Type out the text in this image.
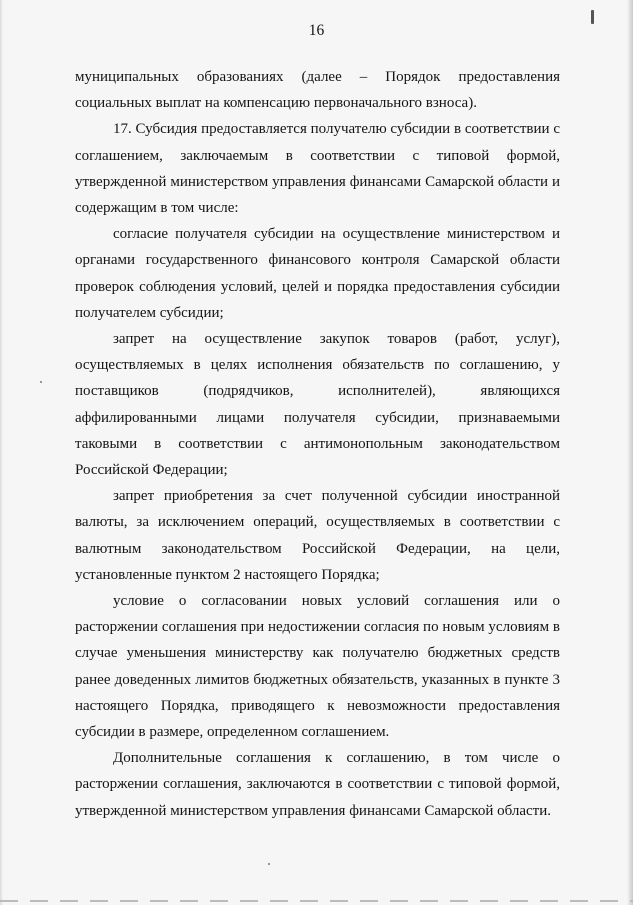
16

муниципальных образованиях (далее – Порядок предоставления социальных выплат на компенсацию первоначального взноса).

17. Субсидия предоставляется получателю субсидии в соответствии с соглашением, заключаемым в соответствии с типовой формой, утвержденной министерством управления финансами Самарской области и содержащим в том числе:

согласие получателя субсидии на осуществление министерством и органами государственного финансового контроля Самарской области проверок соблюдения условий, целей и порядка предоставления субсидии получателем субсидии;

запрет на осуществление закупок товаров (работ, услуг), осуществляемых в целях исполнения обязательств по соглашению, у поставщиков (подрядчиков, исполнителей), являющихся аффилированными лицами получателя субсидии, признаваемыми таковыми в соответствии с антимонопольным законодательством Российской Федерации;

запрет приобретения за счет полученной субсидии иностранной валюты, за исключением операций, осуществляемых в соответствии с валютным законодательством Российской Федерации, на цели, установленные пунктом 2 настоящего Порядка;

условие о согласовании новых условий соглашения или о расторжении соглашения при недостижении согласия по новым условиям в случае уменьшения министерству как получателю бюджетных средств ранее доведенных лимитов бюджетных обязательств, указанных в пункте 3 настоящего Порядка, приводящего к невозможности предоставления субсидии в размере, определенном соглашением.

Дополнительные соглашения к соглашению, в том числе о расторжении соглашения, заключаются в соответствии с типовой формой, утвержденной министерством управления финансами Самарской области.
